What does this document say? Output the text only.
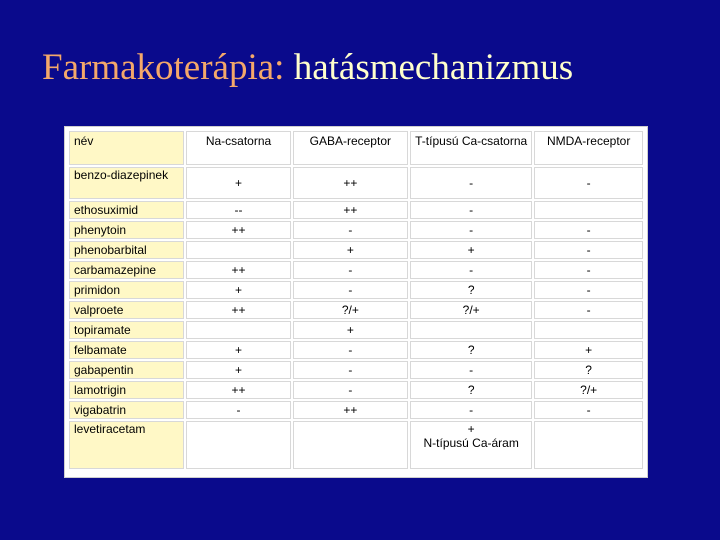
Farmakoterápia: hatásmechanizmus
név	Na-csatorna	GABA-receptor	T-típusú Ca-csatorna	NMDA-receptor
benzo-diazepinek	+	++	-	-
ethosuximid	--	++	-	
phenytoin	++	-	-	-
phenobarbital		+	+	-
carbamazepine	++	-	-	-
primidon	+	-	?	-
valproete	++	?/+	?/+	-
topiramate		+		
felbamate	+	-	?	+
gabapentin	+	-	-	?
lamotrigin	++	-	?	?/+
vigabatrin	-	++	-	-
levetiracetam			+
N-típusú Ca-áram	
